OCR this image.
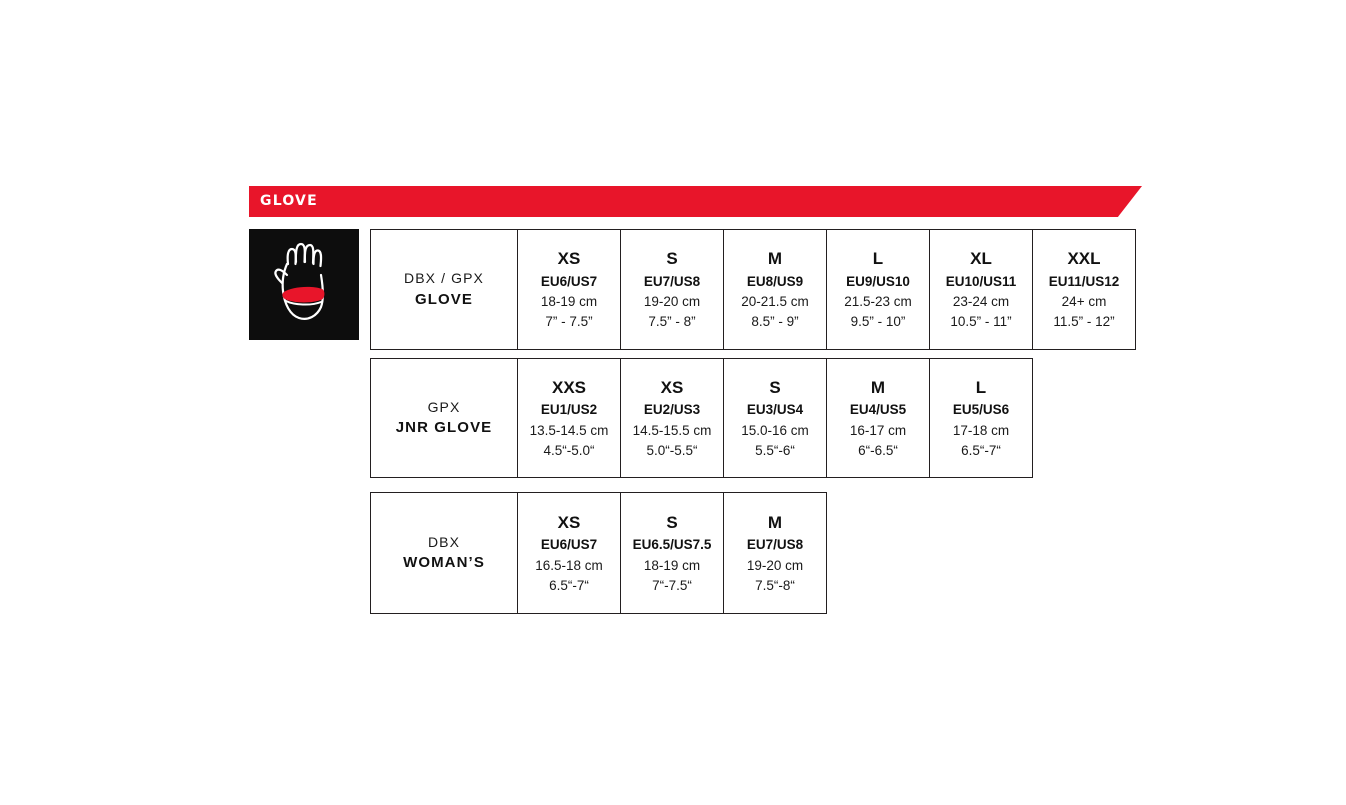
GLOVE
DBX / GPX
GLOVE

XS
EU6/US7
18-19 cm
7” - 7.5”

S
EU7/US8
19-20 cm
7.5” - 8”

M
EU8/US9
20-21.5 cm
8.5” - 9”

L
EU9/US10
21.5-23 cm
9.5” - 10”

XL
EU10/US11
23-24 cm
10.5” - 11”

XXL
EU11/US12
24+ cm
11.5” - 12”
GPX
JNR GLOVE

XXS
EU1/US2
13.5-14.5 cm
4.5“-5.0“

XS
EU2/US3
14.5-15.5 cm
5.0“-5.5“

S
EU3/US4
15.0-16 cm
5.5“-6“

M
EU4/US5
16-17 cm
6“-6.5“

L
EU5/US6
17-18 cm
6.5“-7“
DBX
WOMAN’S

XS
EU6/US7
16.5-18 cm
6.5“-7“

S
EU6.5/US7.5
18-19 cm
7“-7.5“

M
EU7/US8
19-20 cm
7.5“-8“
